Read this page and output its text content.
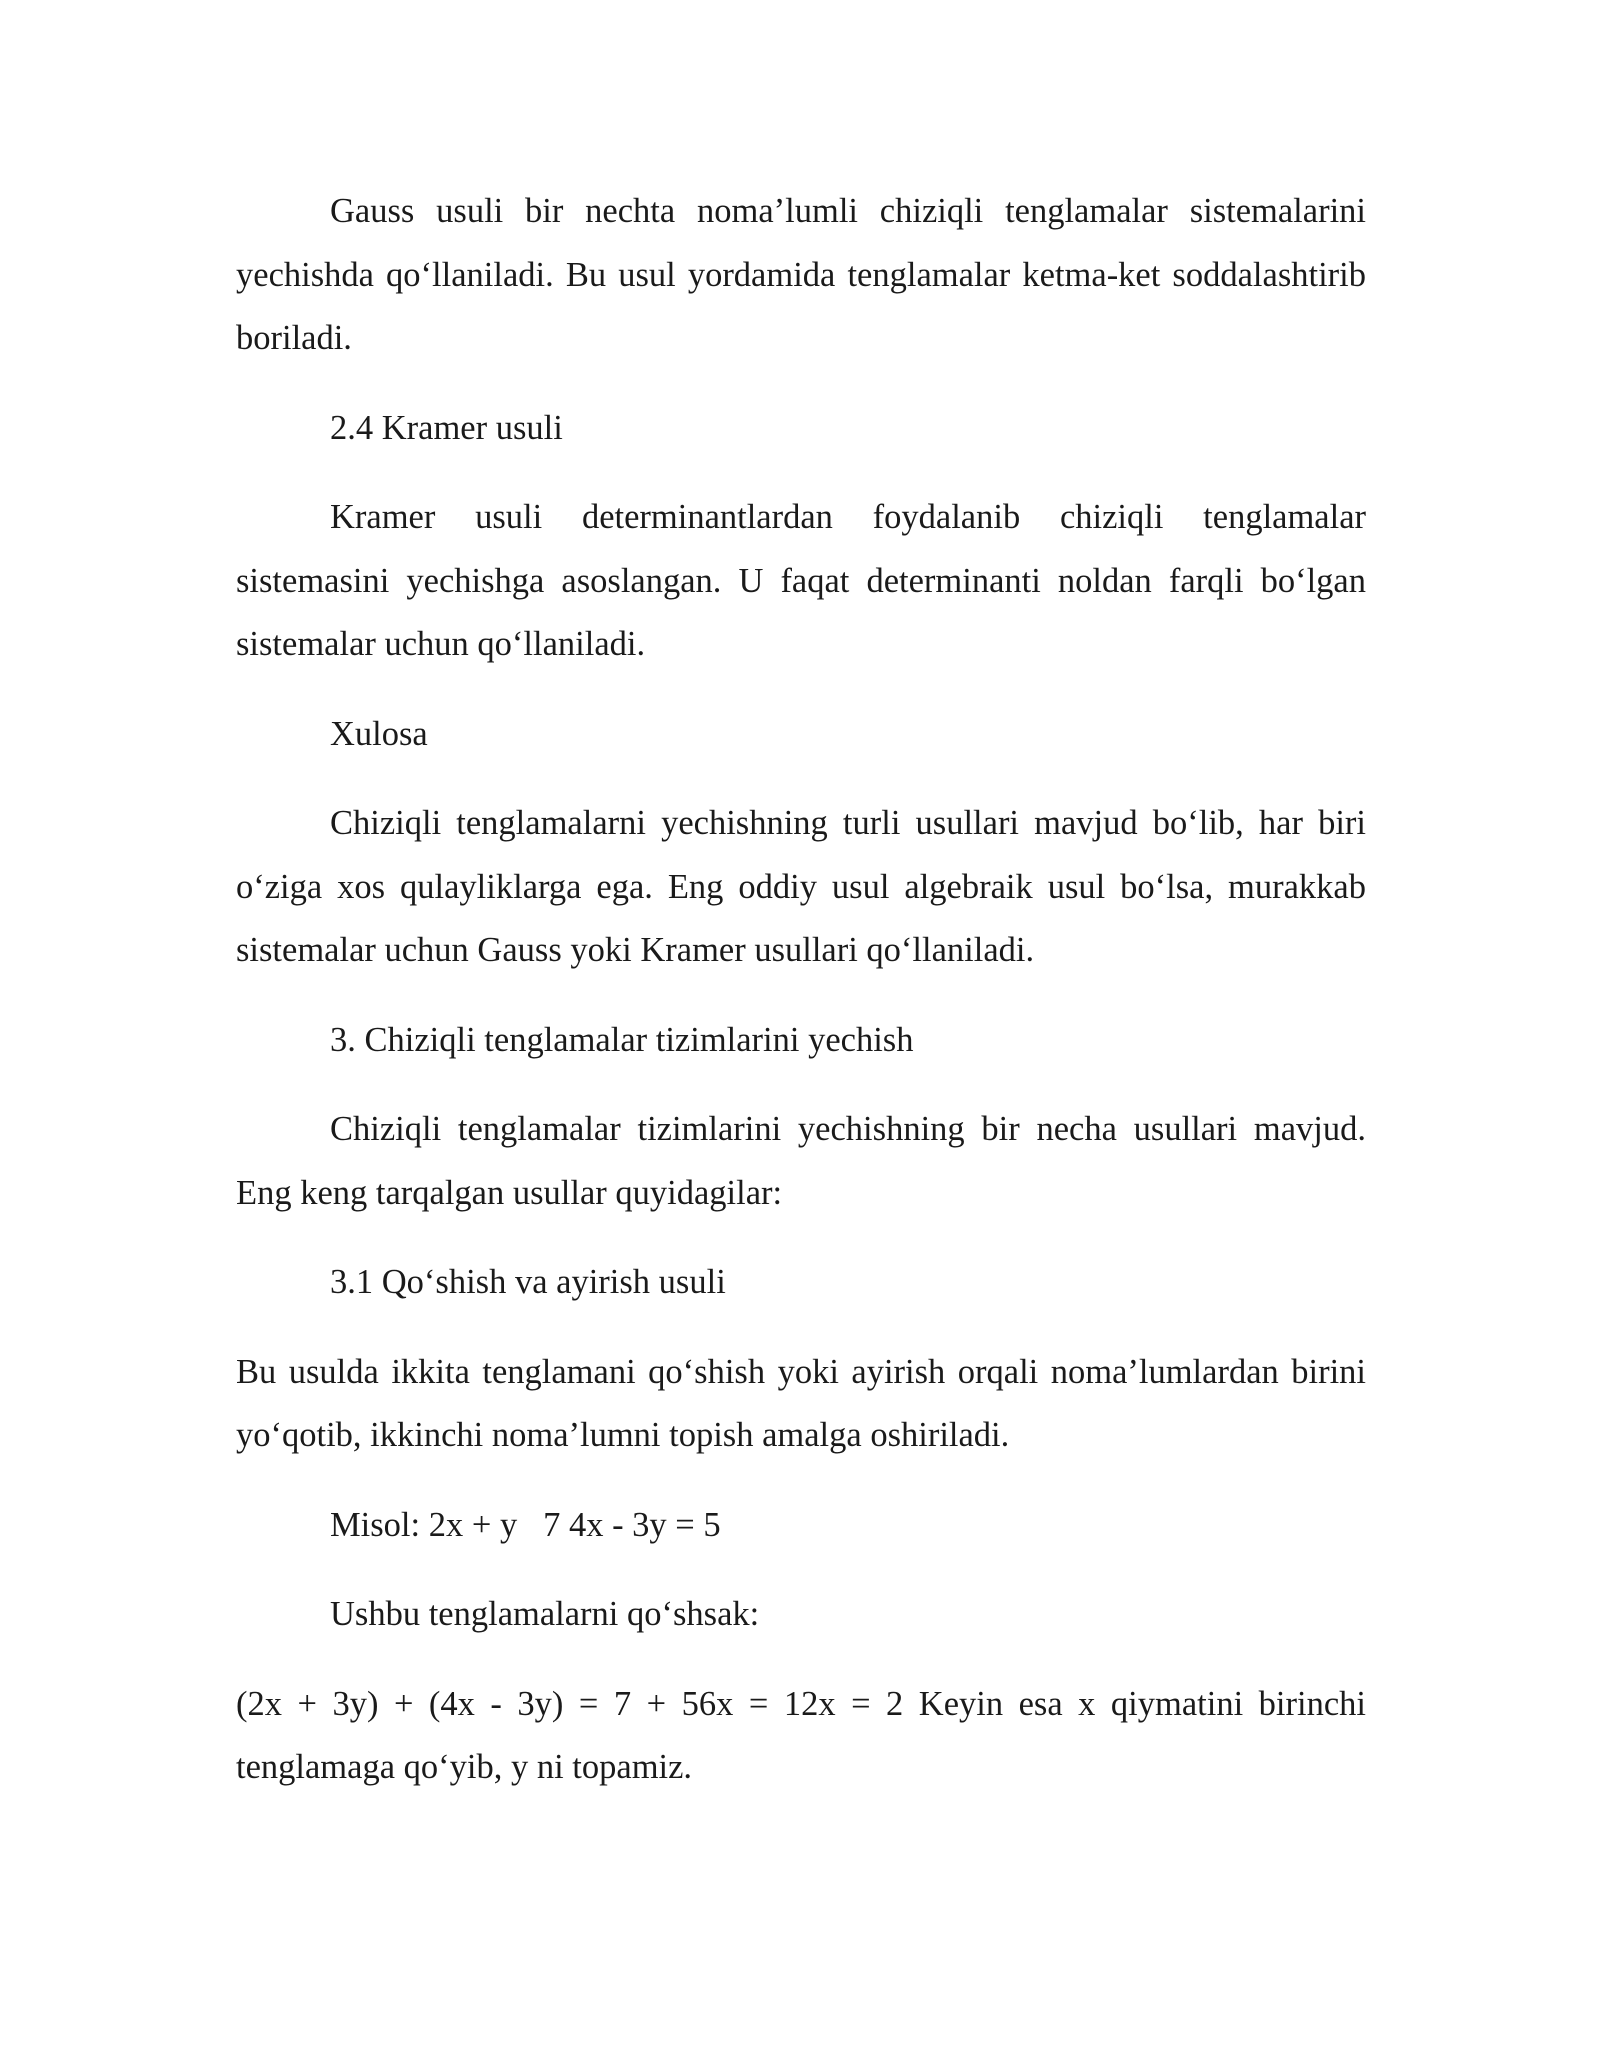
Gauss usuli bir nechta noma’lumli chiziqli tenglamalar sistemalarini yechishda qo‘llaniladi. Bu usul yordamida tenglamalar ketma-ket soddalashtirib boriladi.

2.4 Kramer usuli

Kramer usuli determinantlardan foydalanib chiziqli tenglamalar sistemasini yechishga asoslangan. U faqat determinanti noldan farqli bo‘lgan sistemalar uchun qo‘llaniladi.

Xulosa

Chiziqli tenglamalarni yechishning turli usullari mavjud bo‘lib, har biri o‘ziga xos qulayliklarga ega. Eng oddiy usul algebraik usul bo‘lsa, murakkab sistemalar uchun Gauss yoki Kramer usullari qo‘llaniladi.

3. Chiziqli tenglamalar tizimlarini yechish

Chiziqli tenglamalar tizimlarini yechishning bir necha usullari mavjud. Eng keng tarqalgan usullar quyidagilar:

3.1 Qo‘shish va ayirish usuli

Bu usulda ikkita tenglamani qo‘shish yoki ayirish orqali noma’lumlardan birini yo‘qotib, ikkinchi noma’lumni topish amalga oshiriladi.

Misol: 2x + y   7 4x - 3y = 5

Ushbu tenglamalarni qo‘shsak:

(2x + 3y) + (4x - 3y) = 7 + 56x = 12x = 2 Keyin esa x qiymatini birinchi tenglamaga qo‘yib, y ni topamiz.
